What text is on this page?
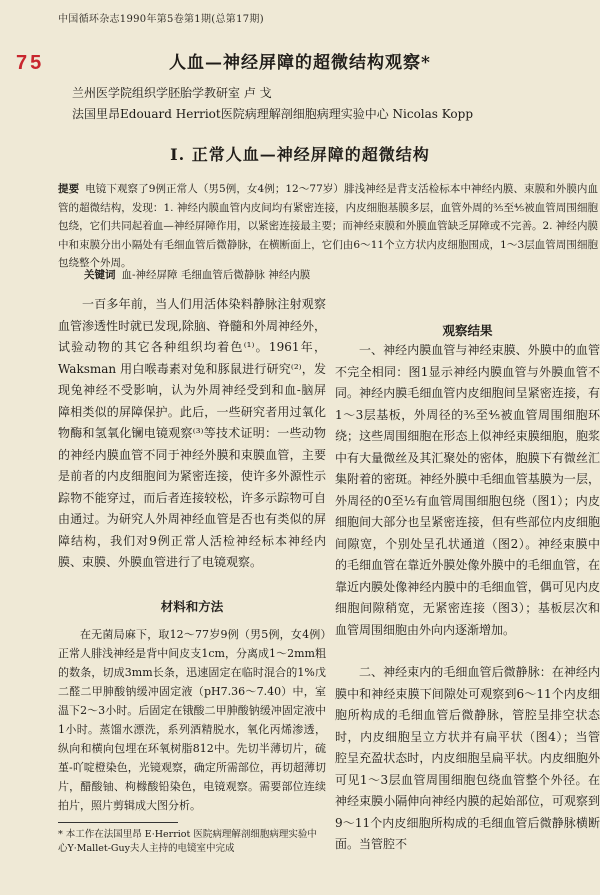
中国循环杂志1990年第5卷第1期(总第17期)
75	人血—神经屏障的超微结构观察*
兰州医学院组织学胚胎学教研室 卢 戈
法国里昂Edouard Herriot医院病理解剖细胞病理实验中心 Nicolas Kopp
I. 正常人血—神经屏障的超微结构
提要 电镜下观察了9例正常人（男5例，女4例；12～77岁）腓浅神经是背支活检标本中神经内膜、束膜和外膜内血管的超微结构，发现：1. 神经内膜血管内皮间均有紧密连接，内皮细胞基膜多层，血管外周的⅗至⅘被血管周围细胞包绕，它们共同起着血—神经屏障作用，以紧密连接最主要；而神经束膜和外膜血管缺乏屏障或不完善。2. 神经内膜中和束膜分出小隔处有毛细血管后微静脉，在横断面上，它们由6～11个立方状内皮细胞围成，1～3层血管周围细胞包绕整个外周。
关键词 血-神经屏障 毛细血管后微静脉 神经内膜

一百多年前，当人们用活体染料静脉注射观察血管渗透性时就已发现,除脑、脊髓和外周神经外，试验动物的其它各种组织均着色⁽¹⁾。1961年，Waksman 用白喉毒素对兔和豚鼠进行研究⁽²⁾，发现兔神经不受影响，认为外周神经受到和血-脑屏障相类似的屏障保护。此后，一些研究者用过氧化物酶和氢氧化镧电镜观察⁽³⁾等技术证明：一些动物的神经内膜血管不同于神经外膜和束膜血管，主要是前者的内皮细胞间为紧密连接，使许多外源性示踪物不能穿过，而后者连接较松，许多示踪物可自由通过。为研究人外周神经血管是否也有类似的屏障结构，我们对9例正常人活检神经标本神经内膜、束膜、外膜血管进行了电镜观察。

材料和方法

在无菌局麻下，取12～77岁9例（男5例，女4例）正常人腓浅神经是背中间皮支1cm，分离成1～2mm粗的数条，切成3mm长条，迅速固定在临时混合的1%戊二醛二甲胂酸钠缓冲固定液（pH7.36～7.40）中，室温下2～3小时。后固定在锇酸二甲胂酸钠缓冲固定液中1小时。蒸馏水漂洗，系列酒精脱水，氧化丙烯渗透，纵向和横向包埋在环氧树脂812中。先切半薄切片，硫堇-吖啶橙染色，光镜观察，确定所需部位，再切超薄切片，醋酸铀、枸橼酸铅染色，电镜观察。需要部位连续拍片，照片剪辑成大图分析。

* 本工作在法国里昂 E·Herriot 医院病理解剖细胞病理实验中心Y·Mallet-Guy夫人主持的电镜室中完成
观察结果

一、神经内膜血管与神经束膜、外膜中的血管不完全相同：图1显示神经内膜血管与外膜血管不同。神经内膜毛细血管内皮细胞间呈紧密连接，有1～3层基板，外周径的⅗至⅘被血管周围细胞环绕；这些周围细胞在形态上似神经束膜细胞，胞浆中有大量微丝及其汇聚处的密体，胞膜下有微丝汇集附着的密斑。神经外膜中毛细血管基膜为一层，外周径的0至½有血管周围细胞包绕（图1）；内皮细胞间大部分也呈紧密连接，但有些部位内皮细胞间隙宽，个别处呈孔状通道（图2）。神经束膜中的毛细血管在靠近外膜处像外膜中的毛细血管，在靠近内膜处像神经内膜中的毛细血管，偶可见内皮细胞间隙稍宽，无紧密连接（图3）；基板层次和血管周围细胞由外向内逐渐增加。

二、神经束内的毛细血管后微静脉：在神经内膜中和神经束膜下间隙处可观察到6～11个内皮细胞所构成的毛细血管后微静脉，管腔呈排空状态时，内皮细胞呈立方状并有扁平状（图4）；当管腔呈充盈状态时，内皮细胞呈扁平状。内皮细胞外可见1～3层血管周围细胞包绕血管整个外径。在神经束膜小隔伸向神经内膜的起始部位，可观察到9～11个内皮细胞所构成的毛细血管后微静脉横断面。当管腔不
